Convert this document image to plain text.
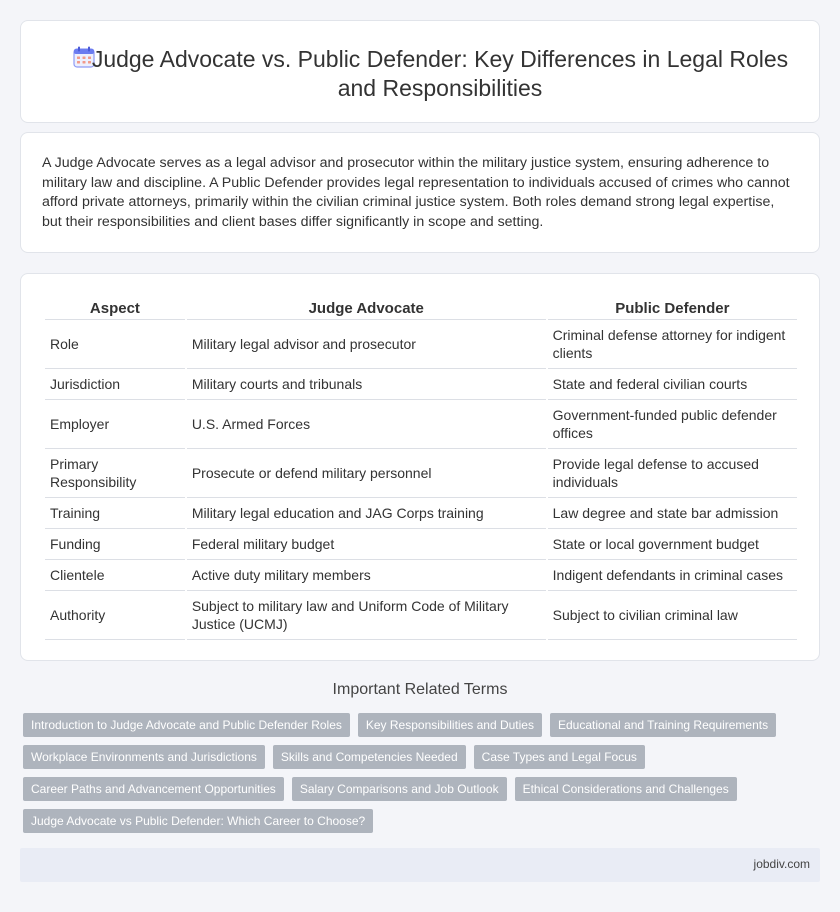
Judge Advocate vs. Public Defender: Key Differences in Legal Roles and Responsibilities

A Judge Advocate serves as a legal advisor and prosecutor within the military justice system, ensuring adherence to military law and discipline. A Public Defender provides legal representation to individuals accused of crimes who cannot afford private attorneys, primarily within the civilian criminal justice system. Both roles demand strong legal expertise, but their responsibilities and client bases differ significantly in scope and setting.

Aspect	Judge Advocate	Public Defender
Role	Military legal advisor and prosecutor	Criminal defense attorney for indigent clients
Jurisdiction	Military courts and tribunals	State and federal civilian courts
Employer	U.S. Armed Forces	Government-funded public defender offices
Primary Responsibility	Prosecute or defend military personnel	Provide legal defense to accused individuals
Training	Military legal education and JAG Corps training	Law degree and state bar admission
Funding	Federal military budget	State or local government budget
Clientele	Active duty military members	Indigent defendants in criminal cases
Authority	Subject to military law and Uniform Code of Military Justice (UCMJ)	Subject to civilian criminal law
Important Related Terms
Introduction to Judge Advocate and Public Defender Roles	Key Responsibilities and Duties	Educational and Training Requirements
Workplace Environments and Jurisdictions	Skills and Competencies Needed	Case Types and Legal Focus
Career Paths and Advancement Opportunities	Salary Comparisons and Job Outlook	Ethical Considerations and Challenges
Judge Advocate vs Public Defender: Which Career to Choose?
jobdiv.com
